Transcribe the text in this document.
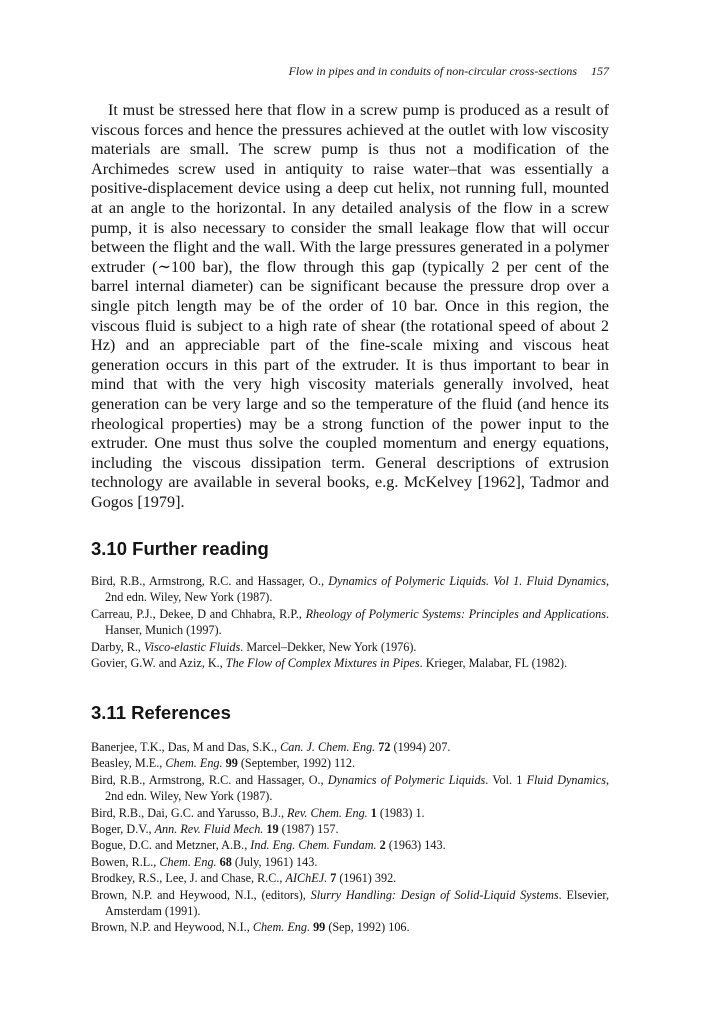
Flow in pipes and in conduits of non-circular cross-sections 157

It must be stressed here that flow in a screw pump is produced as a result of viscous forces and hence the pressures achieved at the outlet with low viscosity materials are small. The screw pump is thus not a modification of the Archimedes screw used in antiquity to raise water–that was essentially a positive-displacement device using a deep cut helix, not running full, mounted at an angle to the horizontal. In any detailed analysis of the flow in a screw pump, it is also necessary to consider the small leakage flow that will occur between the flight and the wall. With the large pressures generated in a polymer extruder (∼100 bar), the flow through this gap (typically 2 per cent of the barrel internal diameter) can be significant because the pressure drop over a single pitch length may be of the order of 10 bar. Once in this region, the viscous fluid is subject to a high rate of shear (the rotational speed of about 2 Hz) and an appreciable part of the fine-scale mixing and viscous heat generation occurs in this part of the extruder. It is thus important to bear in mind that with the very high viscosity materials generally involved, heat generation can be very large and so the temperature of the fluid (and hence its rheological properties) may be a strong function of the power input to the extruder. One must thus solve the coupled momentum and energy equations, including the viscous dissipation term. General descriptions of extrusion technology are available in several books, e.g. McKelvey [1962], Tadmor and Gogos [1979].

3.10 Further reading
Bird, R.B., Armstrong, R.C. and Hassager, O., Dynamics of Polymeric Liquids. Vol 1. Fluid Dynamics, 2nd edn. Wiley, New York (1987).
Carreau, P.J., Dekee, D and Chhabra, R.P., Rheology of Polymeric Systems: Principles and Applications. Hanser, Munich (1997).
Darby, R., Visco-elastic Fluids. Marcel–Dekker, New York (1976).
Govier, G.W. and Aziz, K., The Flow of Complex Mixtures in Pipes. Krieger, Malabar, FL (1982).
3.11 References
Banerjee, T.K., Das, M and Das, S.K., Can. J. Chem. Eng. 72 (1994) 207.
Beasley, M.E., Chem. Eng. 99 (September, 1992) 112.
Bird, R.B., Armstrong, R.C. and Hassager, O., Dynamics of Polymeric Liquids. Vol. 1 Fluid Dynamics, 2nd edn. Wiley, New York (1987).
Bird, R.B., Dai, G.C. and Yarusso, B.J., Rev. Chem. Eng. 1 (1983) 1.
Boger, D.V., Ann. Rev. Fluid Mech. 19 (1987) 157.
Bogue, D.C. and Metzner, A.B., Ind. Eng. Chem. Fundam. 2 (1963) 143.
Bowen, R.L., Chem. Eng. 68 (July, 1961) 143.
Brodkey, R.S., Lee, J. and Chase, R.C., AIChEJ. 7 (1961) 392.
Brown, N.P. and Heywood, N.I., (editors), Slurry Handling: Design of Solid-Liquid Systems. Elsevier, Amsterdam (1991).
Brown, N.P. and Heywood, N.I., Chem. Eng. 99 (Sep, 1992) 106.
